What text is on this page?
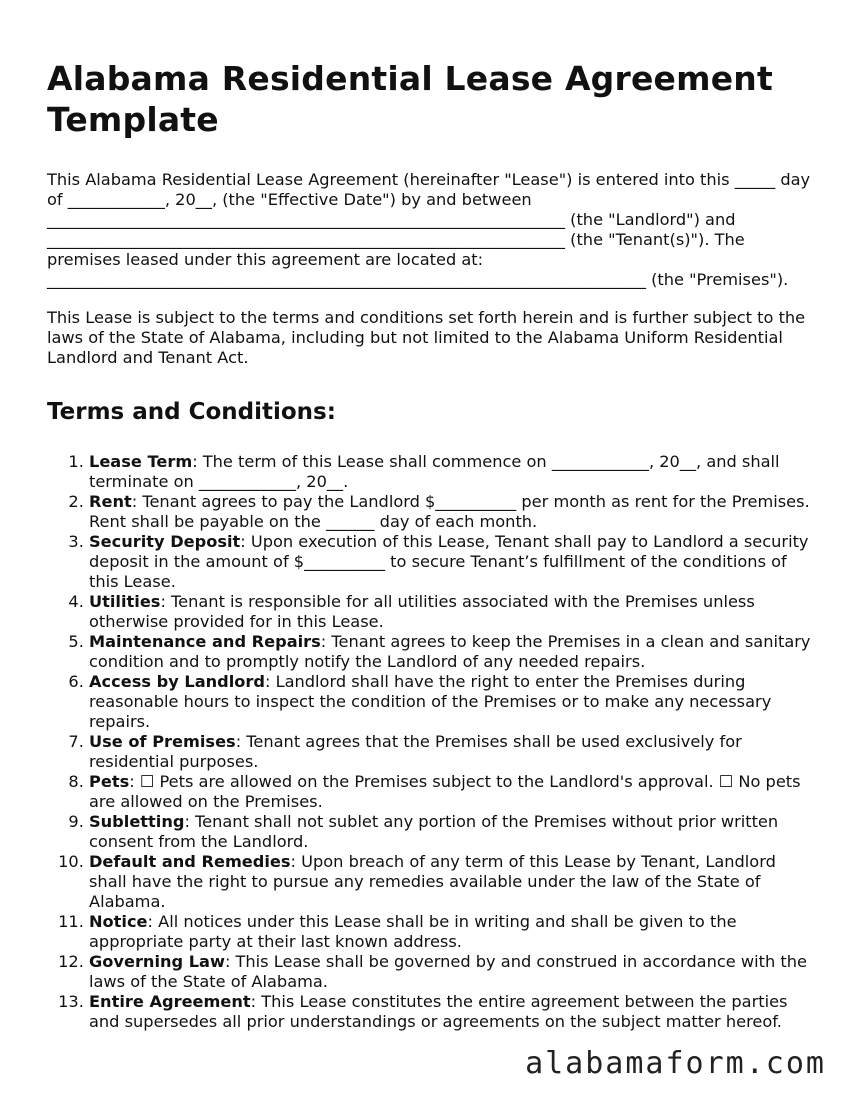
Alabama Residential Lease Agreement Template

This Alabama Residential Lease Agreement (hereinafter "Lease") is entered into this _____ day of ____________, 20__, (the "Effective Date") by and between ________________________________________________________________ (the "Landlord") and ________________________________________________________________ (the "Tenant(s)"). The premises leased under this agreement are located at: __________________________________________________________________________ (the "Premises").

This Lease is subject to the terms and conditions set forth herein and is further subject to the laws of the State of Alabama, including but not limited to the Alabama Uniform Residential Landlord and Tenant Act.

Terms and Conditions:
1. Lease Term: The term of this Lease shall commence on ____________, 20__, and shall terminate on ____________, 20__.
2. Rent: Tenant agrees to pay the Landlord $__________ per month as rent for the Premises. Rent shall be payable on the ______ day of each month.
3. Security Deposit: Upon execution of this Lease, Tenant shall pay to Landlord a security deposit in the amount of $__________ to secure Tenant’s fulfillment of the conditions of this Lease.
4. Utilities: Tenant is responsible for all utilities associated with the Premises unless otherwise provided for in this Lease.
5. Maintenance and Repairs: Tenant agrees to keep the Premises in a clean and sanitary condition and to promptly notify the Landlord of any needed repairs.
6. Access by Landlord: Landlord shall have the right to enter the Premises during reasonable hours to inspect the condition of the Premises or to make any necessary repairs.
7. Use of Premises: Tenant agrees that the Premises shall be used exclusively for residential purposes.
8. Pets: ☐ Pets are allowed on the Premises subject to the Landlord's approval. ☐ No pets are allowed on the Premises.
9. Subletting: Tenant shall not sublet any portion of the Premises without prior written consent from the Landlord.
10. Default and Remedies: Upon breach of any term of this Lease by Tenant, Landlord shall have the right to pursue any remedies available under the law of the State of Alabama.
11. Notice: All notices under this Lease shall be in writing and shall be given to the appropriate party at their last known address.
12. Governing Law: This Lease shall be governed by and construed in accordance with the laws of the State of Alabama.
13. Entire Agreement: This Lease constitutes the entire agreement between the parties and supersedes all prior understandings or agreements on the subject matter hereof.
alabamaform.com
